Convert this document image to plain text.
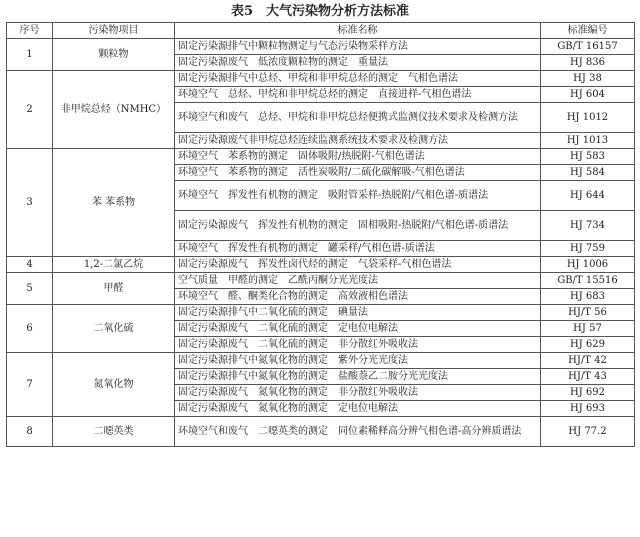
表5　大气污染物分析方法标准
序号	污染物项目	标准名称	标准编号
1	颗粒物	固定污染源排气中颗粒物测定与气态污染物采样方法	GB/T 16157
		固定污染源废气　低浓度颗粒物的测定　重量法	HJ 836
2	非甲烷总烃（NMHC）	固定污染源排气中总烃、甲烷和非甲烷总烃的测定　气相色谱法	HJ 38
		环境空气　总烃、甲烷和非甲烷总烃的测定　直接进样-气相色谱法	HJ 604
		环境空气和废气　总烃、甲烷和非甲烷总烃便携式监测仪技术要求及检测方法	HJ 1012
		固定污染源废气非甲烷总烃连续监测系统技术要求及检测方法	HJ 1013
3	苯 苯系物	环境空气　苯系物的测定　固体吸附/热脱附-气相色谱法	HJ 583
		环境空气　苯系物的测定　活性炭吸附/二硫化碳解吸-气相色谱法	HJ 584
		环境空气　挥发性有机物的测定　吸附管采样-热脱附/气相色谱-质谱法	HJ 644
		固定污染源废气　挥发性有机物的测定　固相吸附-热脱附/气相色谱-质谱法	HJ 734
		环境空气　挥发性有机物的测定　罐采样/气相色谱-质谱法	HJ 759
4	1,2-二氯乙烷	固定污染源废气　挥发性卤代烃的测定　气袋采样-气相色谱法	HJ 1006
5	甲醛	空气质量　甲醛的测定　乙酰丙酮分光光度法	GB/T 15516
		环境空气　醛、酮类化合物的测定　高效液相色谱法	HJ 683
6	二氧化硫	固定污染源排气中二氧化硫的测定　碘量法	HJ/T 56
		固定污染源废气　二氧化硫的测定　定电位电解法	HJ 57
		固定污染源废气　二氧化硫的测定　非分散红外吸收法	HJ 629
7	氮氧化物	固定污染源排气中氮氧化物的测定　紫外分光光度法	HJ/T 42
		固定污染源排气中氮氧化物的测定　盐酸萘乙二胺分光光度法	HJ/T 43
		固定污染源废气　氮氧化物的测定　非分散红外吸收法	HJ 692
		固定污染源废气　氮氧化物的测定　定电位电解法	HJ 693
8	二噁英类	环境空气和废气　二噁英类的测定　同位素稀释高分辨气相色谱-高分辨质谱法	HJ 77.2
